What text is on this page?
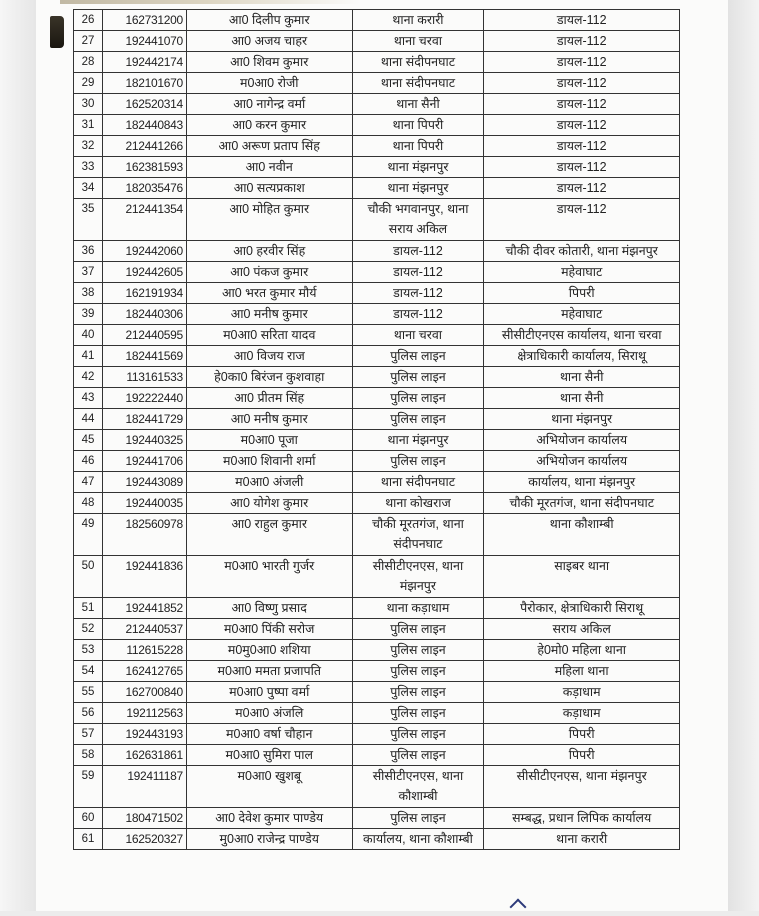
26	162731200	आ0 दिलीप कुमार	थाना करारी	डायल-112
27	192441070	आ0 अजय चाहर	थाना चरवा	डायल-112
28	192442174	आ0 शिवम कुमार	थाना संदीपनघाट	डायल-112
29	182101670	म0आ0 रोजी	थाना संदीपनघाट	डायल-112
30	162520314	आ0 नागेन्द्र वर्मा	थाना सैनी	डायल-112
31	182440843	आ0 करन कुमार	थाना पिपरी	डायल-112
32	212441266	आ0 अरूण प्रताप सिंह	थाना पिपरी	डायल-112
33	162381593	आ0 नवीन	थाना मंझनपुर	डायल-112
34	182035476	आ0 सत्यप्रकाश	थाना मंझनपुर	डायल-112
35	212441354	आ0 मोहित कुमार	चौकी भगवानपुर, थाना सराय अकिल	डायल-112
36	192442060	आ0 हरवीर सिंह	डायल-112	चौकी दीवर कोतारी, थाना मंझनपुर
37	192442605	आ0 पंकज कुमार	डायल-112	महेवाघाट
38	162191934	आ0 भरत कुमार मौर्य	डायल-112	पिपरी
39	182440306	आ0 मनीष कुमार	डायल-112	महेवाघाट
40	212440595	म0आ0 सरिता यादव	थाना चरवा	सीसीटीएनएस कार्यालय, थाना चरवा
41	182441569	आ0 विजय राज	पुलिस लाइन	क्षेत्राधिकारी कार्यालय, सिराथू
42	113161533	हे0का0 बिरंजन कुशवाहा	पुलिस लाइन	थाना सैनी
43	192222440	आ0 प्रीतम सिंह	पुलिस लाइन	थाना सैनी
44	182441729	आ0 मनीष कुमार	पुलिस लाइन	थाना मंझनपुर
45	192440325	म0आ0 पूजा	थाना मंझनपुर	अभियोजन कार्यालय
46	192441706	म0आ0 शिवानी शर्मा	पुलिस लाइन	अभियोजन कार्यालय
47	192443089	म0आ0 अंजली	थाना संदीपनघाट	कार्यालय, थाना मंझनपुर
48	192440035	आ0 योगेश कुमार	थाना कोखराज	चौकी मूरतगंज, थाना संदीपनघाट
49	182560978	आ0 राहुल कुमार	चौकी मूरतगंज, थाना संदीपनघाट	थाना कौशाम्बी
50	192441836	म0आ0 भारती गुर्जर	सीसीटीएनएस, थाना मंझनपुर	साइबर थाना
51	192441852	आ0 विष्णु प्रसाद	थाना कड़ाधाम	पैरोकार, क्षेत्राधिकारी सिराथू
52	212440537	म0आ0 पिंकी सरोज	पुलिस लाइन	सराय अकिल
53	112615228	म0मु0आ0 शशिया	पुलिस लाइन	हे0मो0 महिला थाना
54	162412765	म0आ0 ममता प्रजापति	पुलिस लाइन	महिला थाना
55	162700840	म0आ0 पुष्पा वर्मा	पुलिस लाइन	कड़ाधाम
56	192112563	म0आ0 अंजलि	पुलिस लाइन	कड़ाधाम
57	192443193	म0आ0 वर्षा चौहान	पुलिस लाइन	पिपरी
58	162631861	म0आ0 सुमिरा पाल	पुलिस लाइन	पिपरी
59	192411187	म0आ0 खुशबू	सीसीटीएनएस, थाना कौशाम्बी	सीसीटीएनएस, थाना मंझनपुर
60	180471502	आ0 देवेश कुमार पाण्डेय	पुलिस लाइन	सम्बद्ध, प्रधान लिपिक कार्यालय
61	162520327	मु0आ0 राजेन्द्र पाण्डेय	कार्यालय, थाना कौशाम्बी	थाना करारी
